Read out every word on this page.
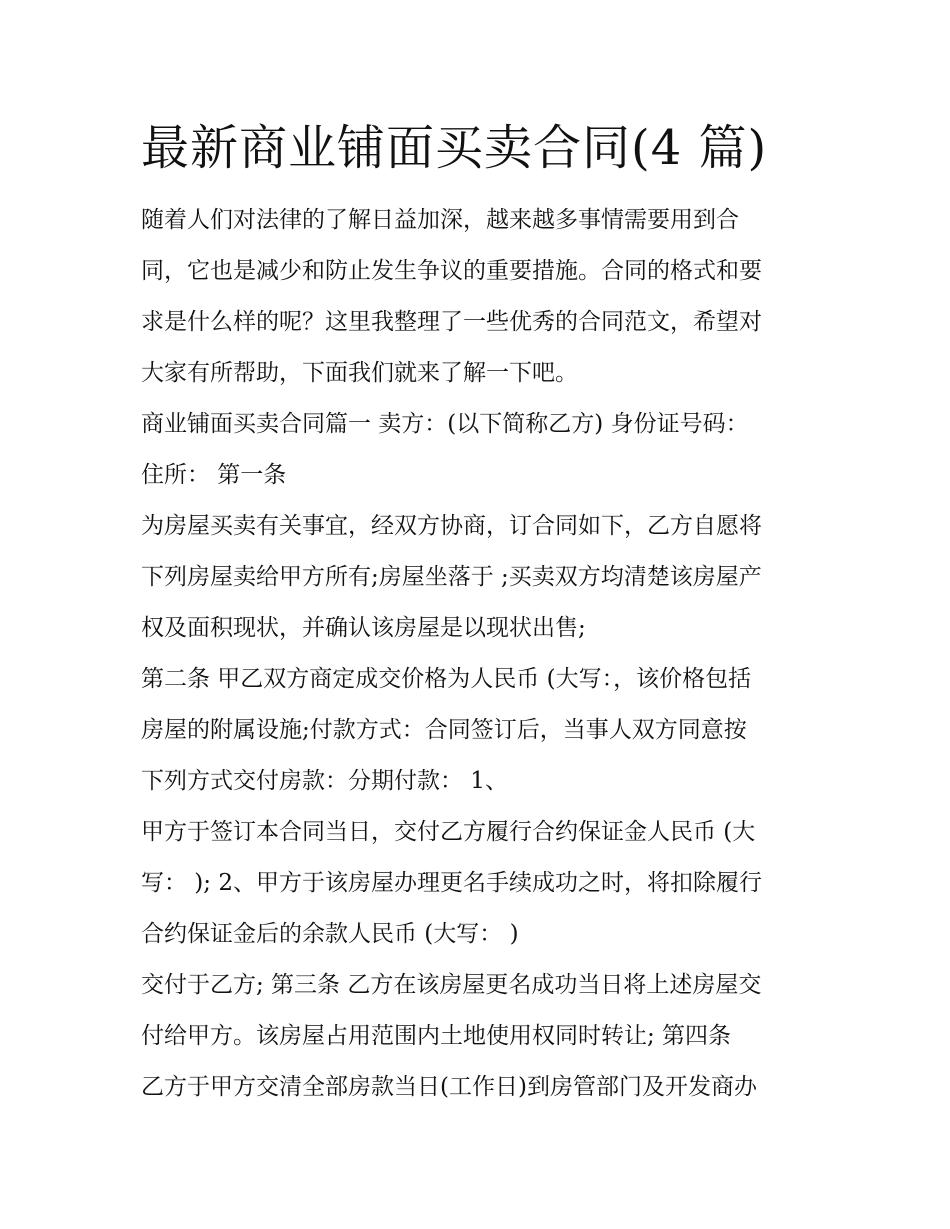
最新商业铺面买卖合同(4 篇)
随着人们对法律的了解日益加深，越来越多事情需要用到合
同，它也是减少和防止发生争议的重要措施。合同的格式和要
求是什么样的呢？这里我整理了一些优秀的合同范文，希望对
大家有所帮助，下面我们就来了解一下吧。
商业铺面买卖合同篇一 卖方：(以下简称乙方) 身份证号码：
住所： 第一条
为房屋买卖有关事宜，经双方协商，订合同如下，乙方自愿将
下列房屋卖给甲方所有;房屋坐落于 ;买卖双方均清楚该房屋产
权及面积现状，并确认该房屋是以现状出售;
第二条 甲乙双方商定成交价格为人民币 (大写：，该价格包括
房屋的附属设施;付款方式：合同签订后，当事人双方同意按
下列方式交付房款：分期付款： 1、
甲方于签订本合同当日，交付乙方履行合约保证金人民币 (大
写： ); 2、甲方于该房屋办理更名手续成功之时，将扣除履行
合约保证金后的余款人民币 (大写： )
交付于乙方; 第三条 乙方在该房屋更名成功当日将上述房屋交
付给甲方。该房屋占用范围内土地使用权同时转让; 第四条
乙方于甲方交清全部房款当日(工作日)到房管部门及开发商办
